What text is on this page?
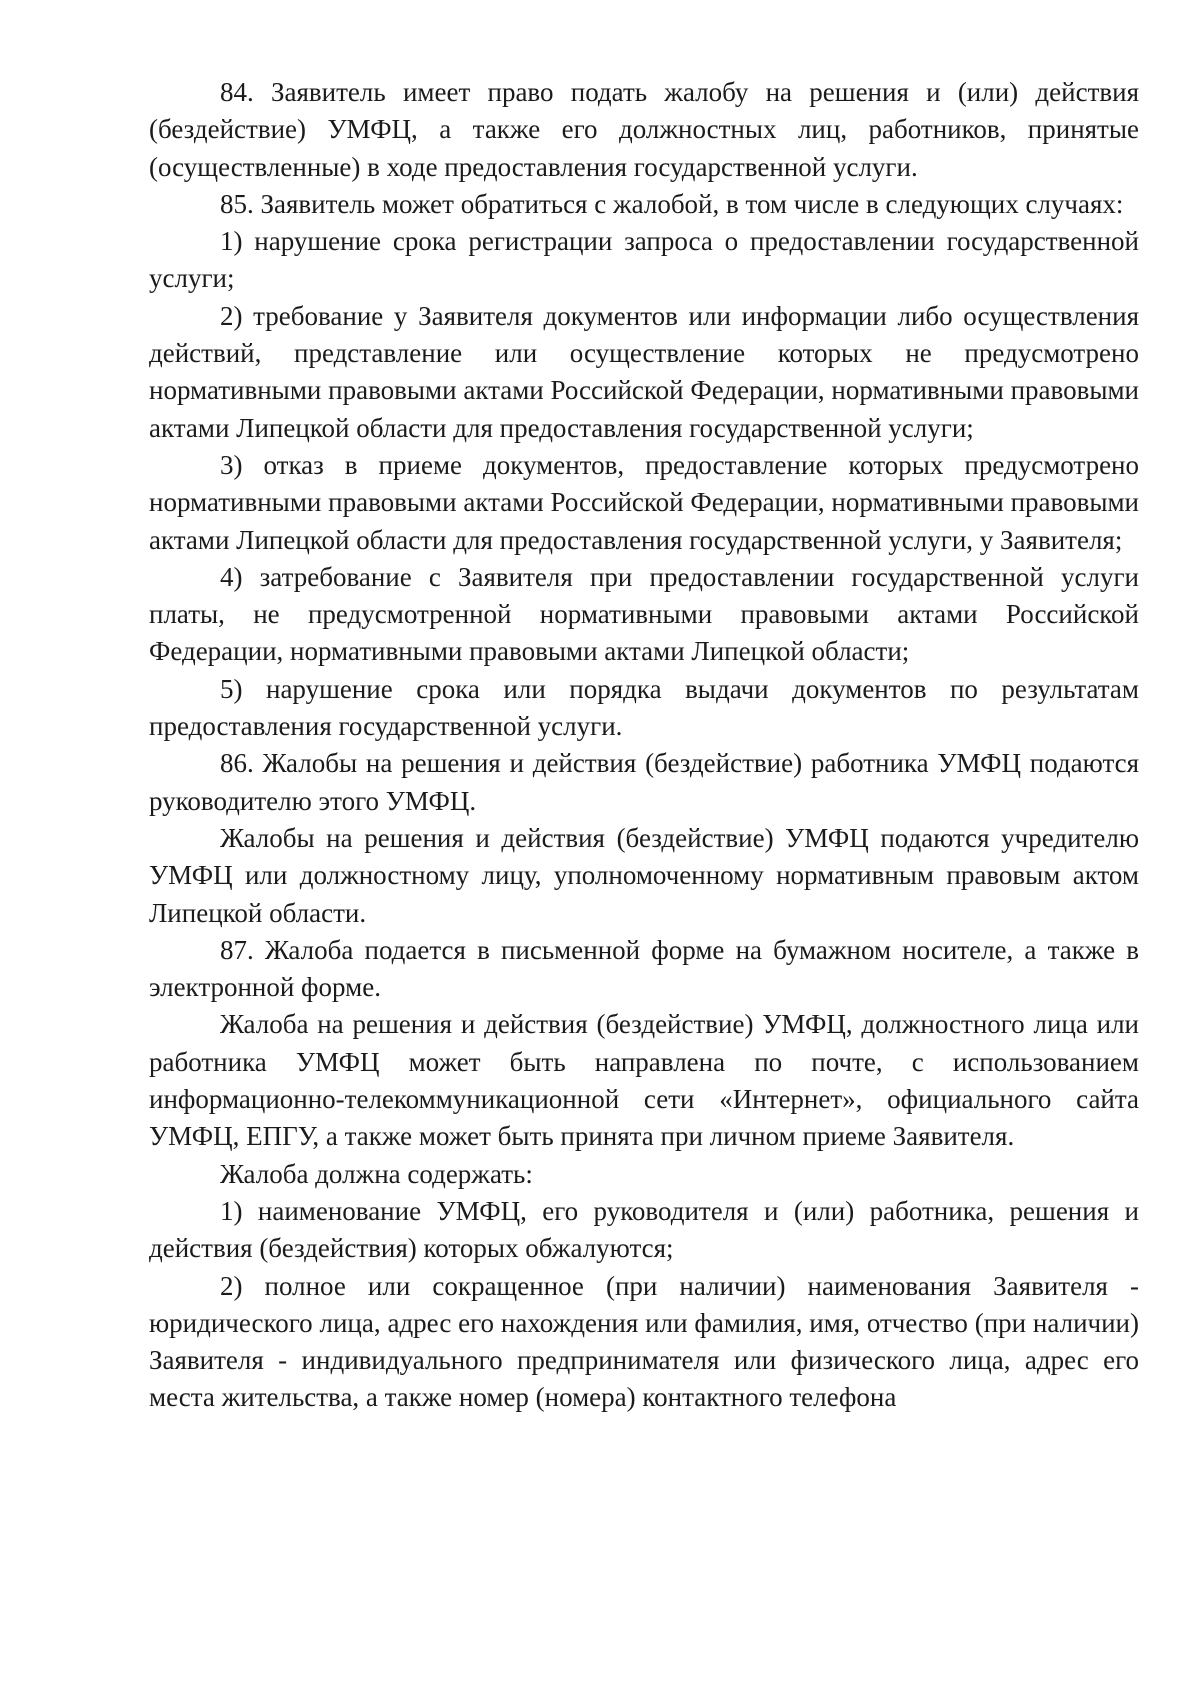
84. Заявитель имеет право подать жалобу на решения и (или) действия (бездействие) УМФЦ, а также его должностных лиц, работников, принятые (осуществленные) в ходе предоставления государственной услуги.

85. Заявитель может обратиться с жалобой, в том числе в следующих случаях:

1) нарушение срока регистрации запроса о предоставлении государственной услуги;

2) требование у Заявителя документов или информации либо осуществления действий, представление или осуществление которых не предусмотрено нормативными правовыми актами Российской Федерации, нормативными правовыми актами Липецкой области для предоставления государственной услуги;

3) отказ в приеме документов, предоставление которых предусмотрено нормативными правовыми актами Российской Федерации, нормативными правовыми актами Липецкой области для предоставления государственной услуги, у Заявителя;

4) затребование с Заявителя при предоставлении государственной услуги платы, не предусмотренной нормативными правовыми актами Российской Федерации, нормативными правовыми актами Липецкой области;

5) нарушение срока или порядка выдачи документов по результатам предоставления государственной услуги.

86. Жалобы на решения и действия (бездействие) работника УМФЦ подаются руководителю этого УМФЦ.

Жалобы на решения и действия (бездействие) УМФЦ подаются учредителю УМФЦ или должностному лицу, уполномоченному нормативным правовым актом Липецкой области.

87. Жалоба подается в письменной форме на бумажном носителе, а также в электронной форме.

Жалоба на решения и действия (бездействие) УМФЦ, должностного лица или работника УМФЦ может быть направлена по почте, с использованием информационно-телекоммуникационной сети «Интернет», официального сайта УМФЦ, ЕПГУ, а также может быть принята при личном приеме Заявителя.

Жалоба должна содержать:

1) наименование УМФЦ, его руководителя и (или) работника, решения и действия (бездействия) которых обжалуются;

2) полное или сокращенное (при наличии) наименования Заявителя - юридического лица, адрес его нахождения или фамилия, имя, отчество (при наличии) Заявителя - индивидуального предпринимателя или физического лица, адрес его места жительства, а также номер (номера) контактного телефона
